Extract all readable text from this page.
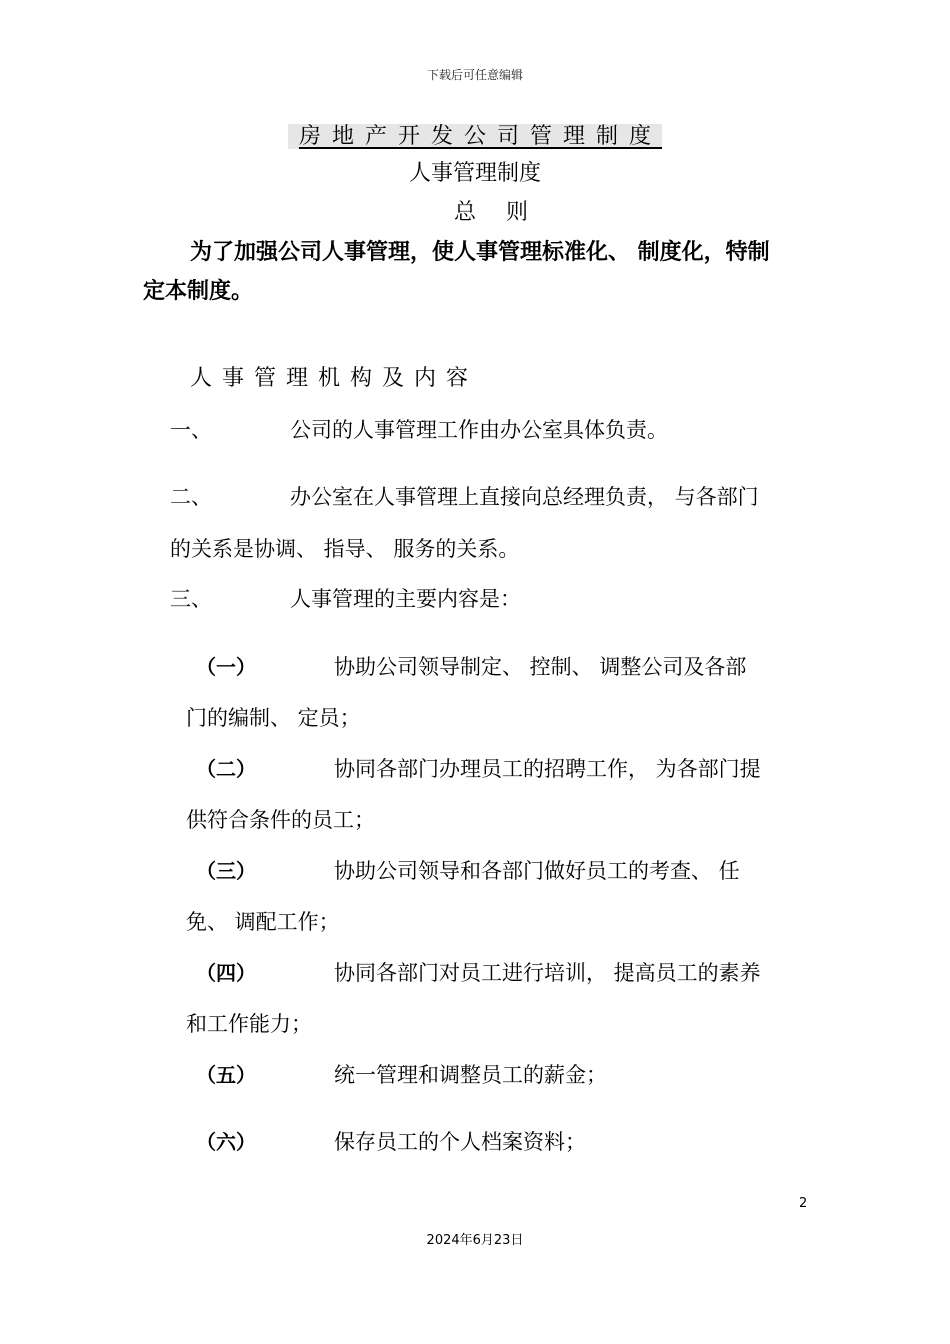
下载后可任意编辑
房地产开发公司管理制度
人事管理制度
总则
为了加强公司人事管理，使人事管理标准化、 制度化，特制
定本制度。
人事管理机构及内容
一、	公司的人事管理工作由办公室具体负责。
二、	办公室在人事管理上直接向总经理负责， 与各部门
的关系是协调、 指导、 服务的关系。
三、	人事管理的主要内容是：
（一）	协助公司领导制定、 控制、 调整公司及各部
门的编制、 定员；
（二）	协同各部门办理员工的招聘工作， 为各部门提
供符合条件的员工；
（三）	协助公司领导和各部门做好员工的考查、 任
免、 调配工作；
（四）	协同各部门对员工进行培训， 提高员工的素养
和工作能力；
（五）	统一管理和调整员工的薪金；
（六）	保存员工的个人档案资料；
2
2024年6月23日
